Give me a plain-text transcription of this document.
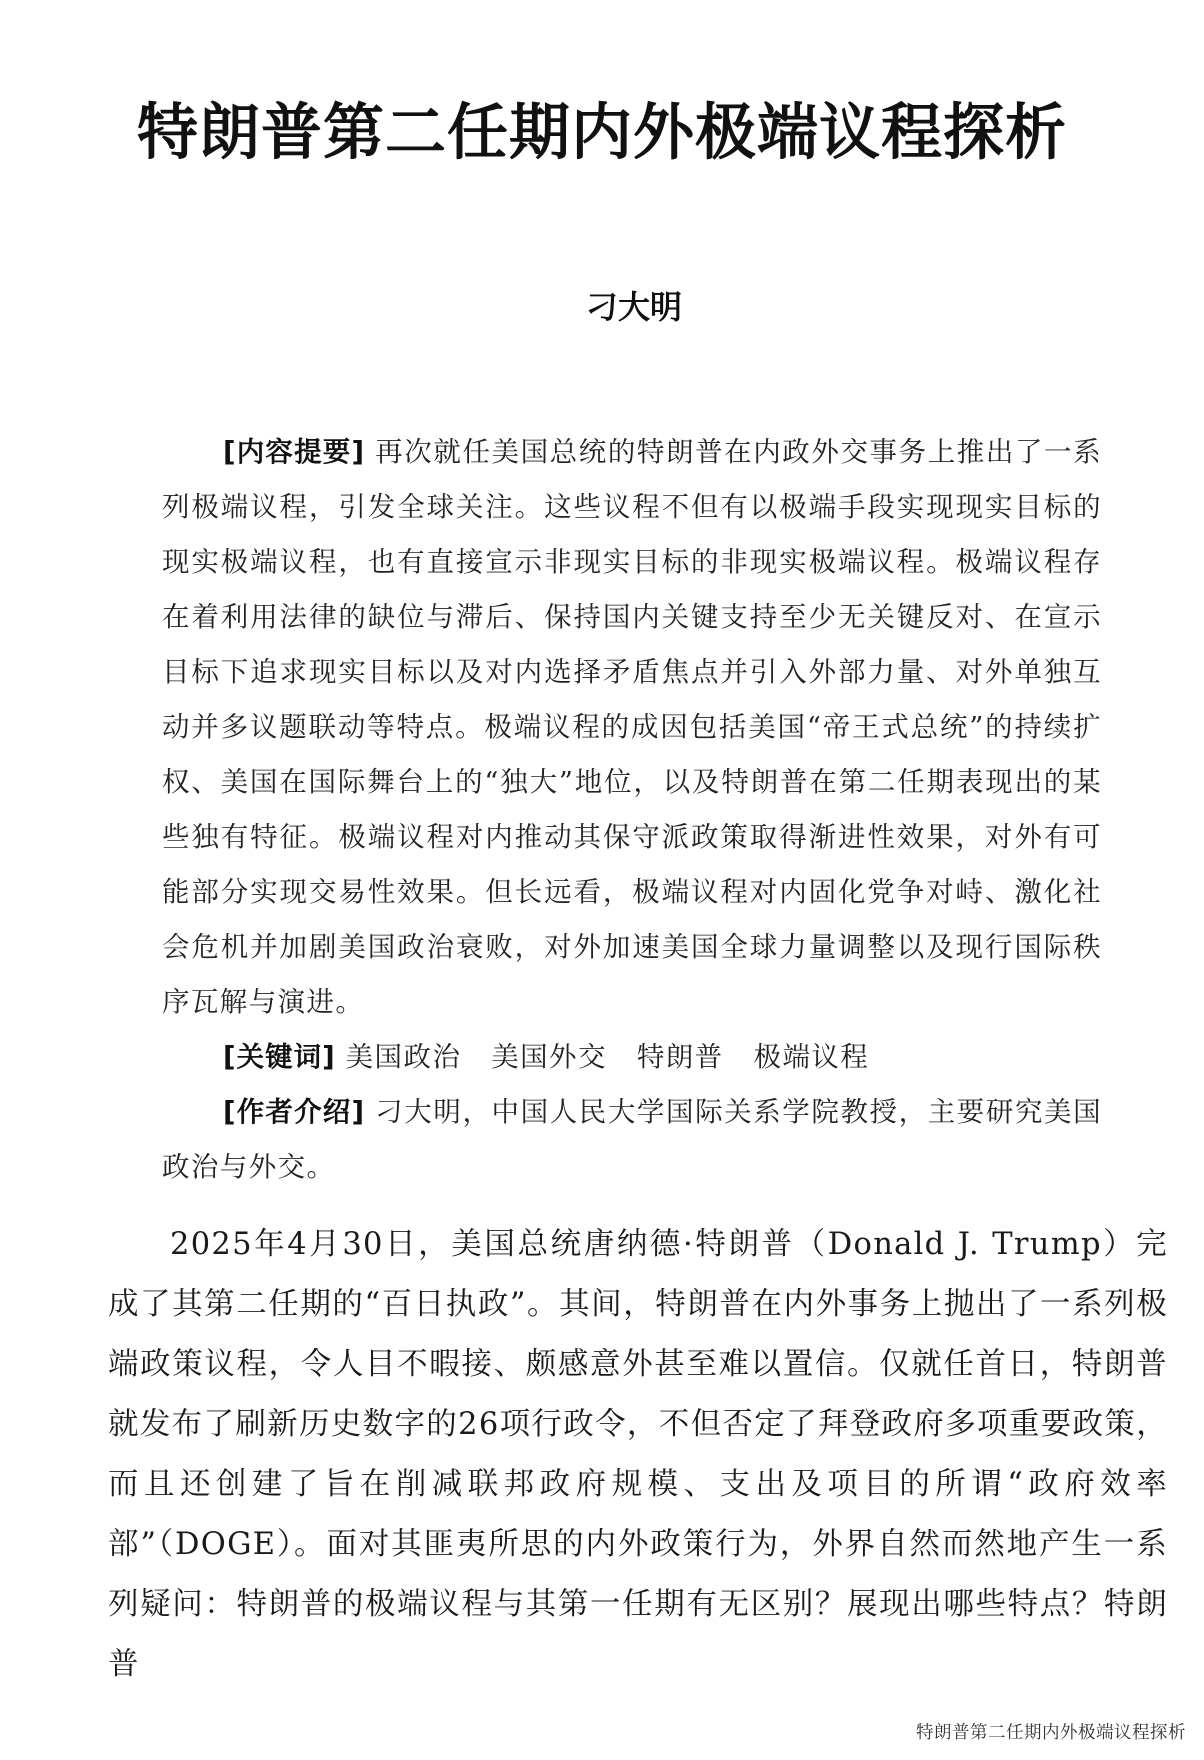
特朗普第二任期内外极端议程探析
刁大明

[内容提要] 再次就任美国总统的特朗普在内政外交事务上推出了一系列极端议程，引发全球关注。这些议程不但有以极端手段实现现实目标的现实极端议程，也有直接宣示非现实目标的非现实极端议程。极端议程存在着利用法律的缺位与滞后、保持国内关键支持至少无关键反对、在宣示目标下追求现实目标以及对内选择矛盾焦点并引入外部力量、对外单独互动并多议题联动等特点。极端议程的成因包括美国“帝王式总统”的持续扩权、美国在国际舞台上的“独大”地位，以及特朗普在第二任期表现出的某些独有特征。极端议程对内推动其保守派政策取得渐进性效果，对外有可能部分实现交易性效果。但长远看，极端议程对内固化党争对峙、激化社会危机并加剧美国政治衰败，对外加速美国全球力量调整以及现行国际秩序瓦解与演进。

[关键词] 美国政治 美国外交 特朗普 极端议程

[作者介绍] 刁大明，中国人民大学国际关系学院教授，主要研究美国政治与外交。

2025年4月30日，美国总统唐纳德·特朗普（Donald J. Trump）完成了其第二任期的“百日执政”。其间，特朗普在内外事务上抛出了一系列极端政策议程，令人目不暇接、颇感意外甚至难以置信。仅就任首日，特朗普就发布了刷新历史数字的26项行政令，不但否定了拜登政府多项重要政策，而且还创建了旨在削减联邦政府规模、支出及项目的所谓“政府效率部”（DOGE）。面对其匪夷所思的内外政策行为，外界自然而然地产生一系列疑问：特朗普的极端议程与其第一任期有无区别？展现出哪些特点？特朗普

特朗普第二任期内外极端议程探析
